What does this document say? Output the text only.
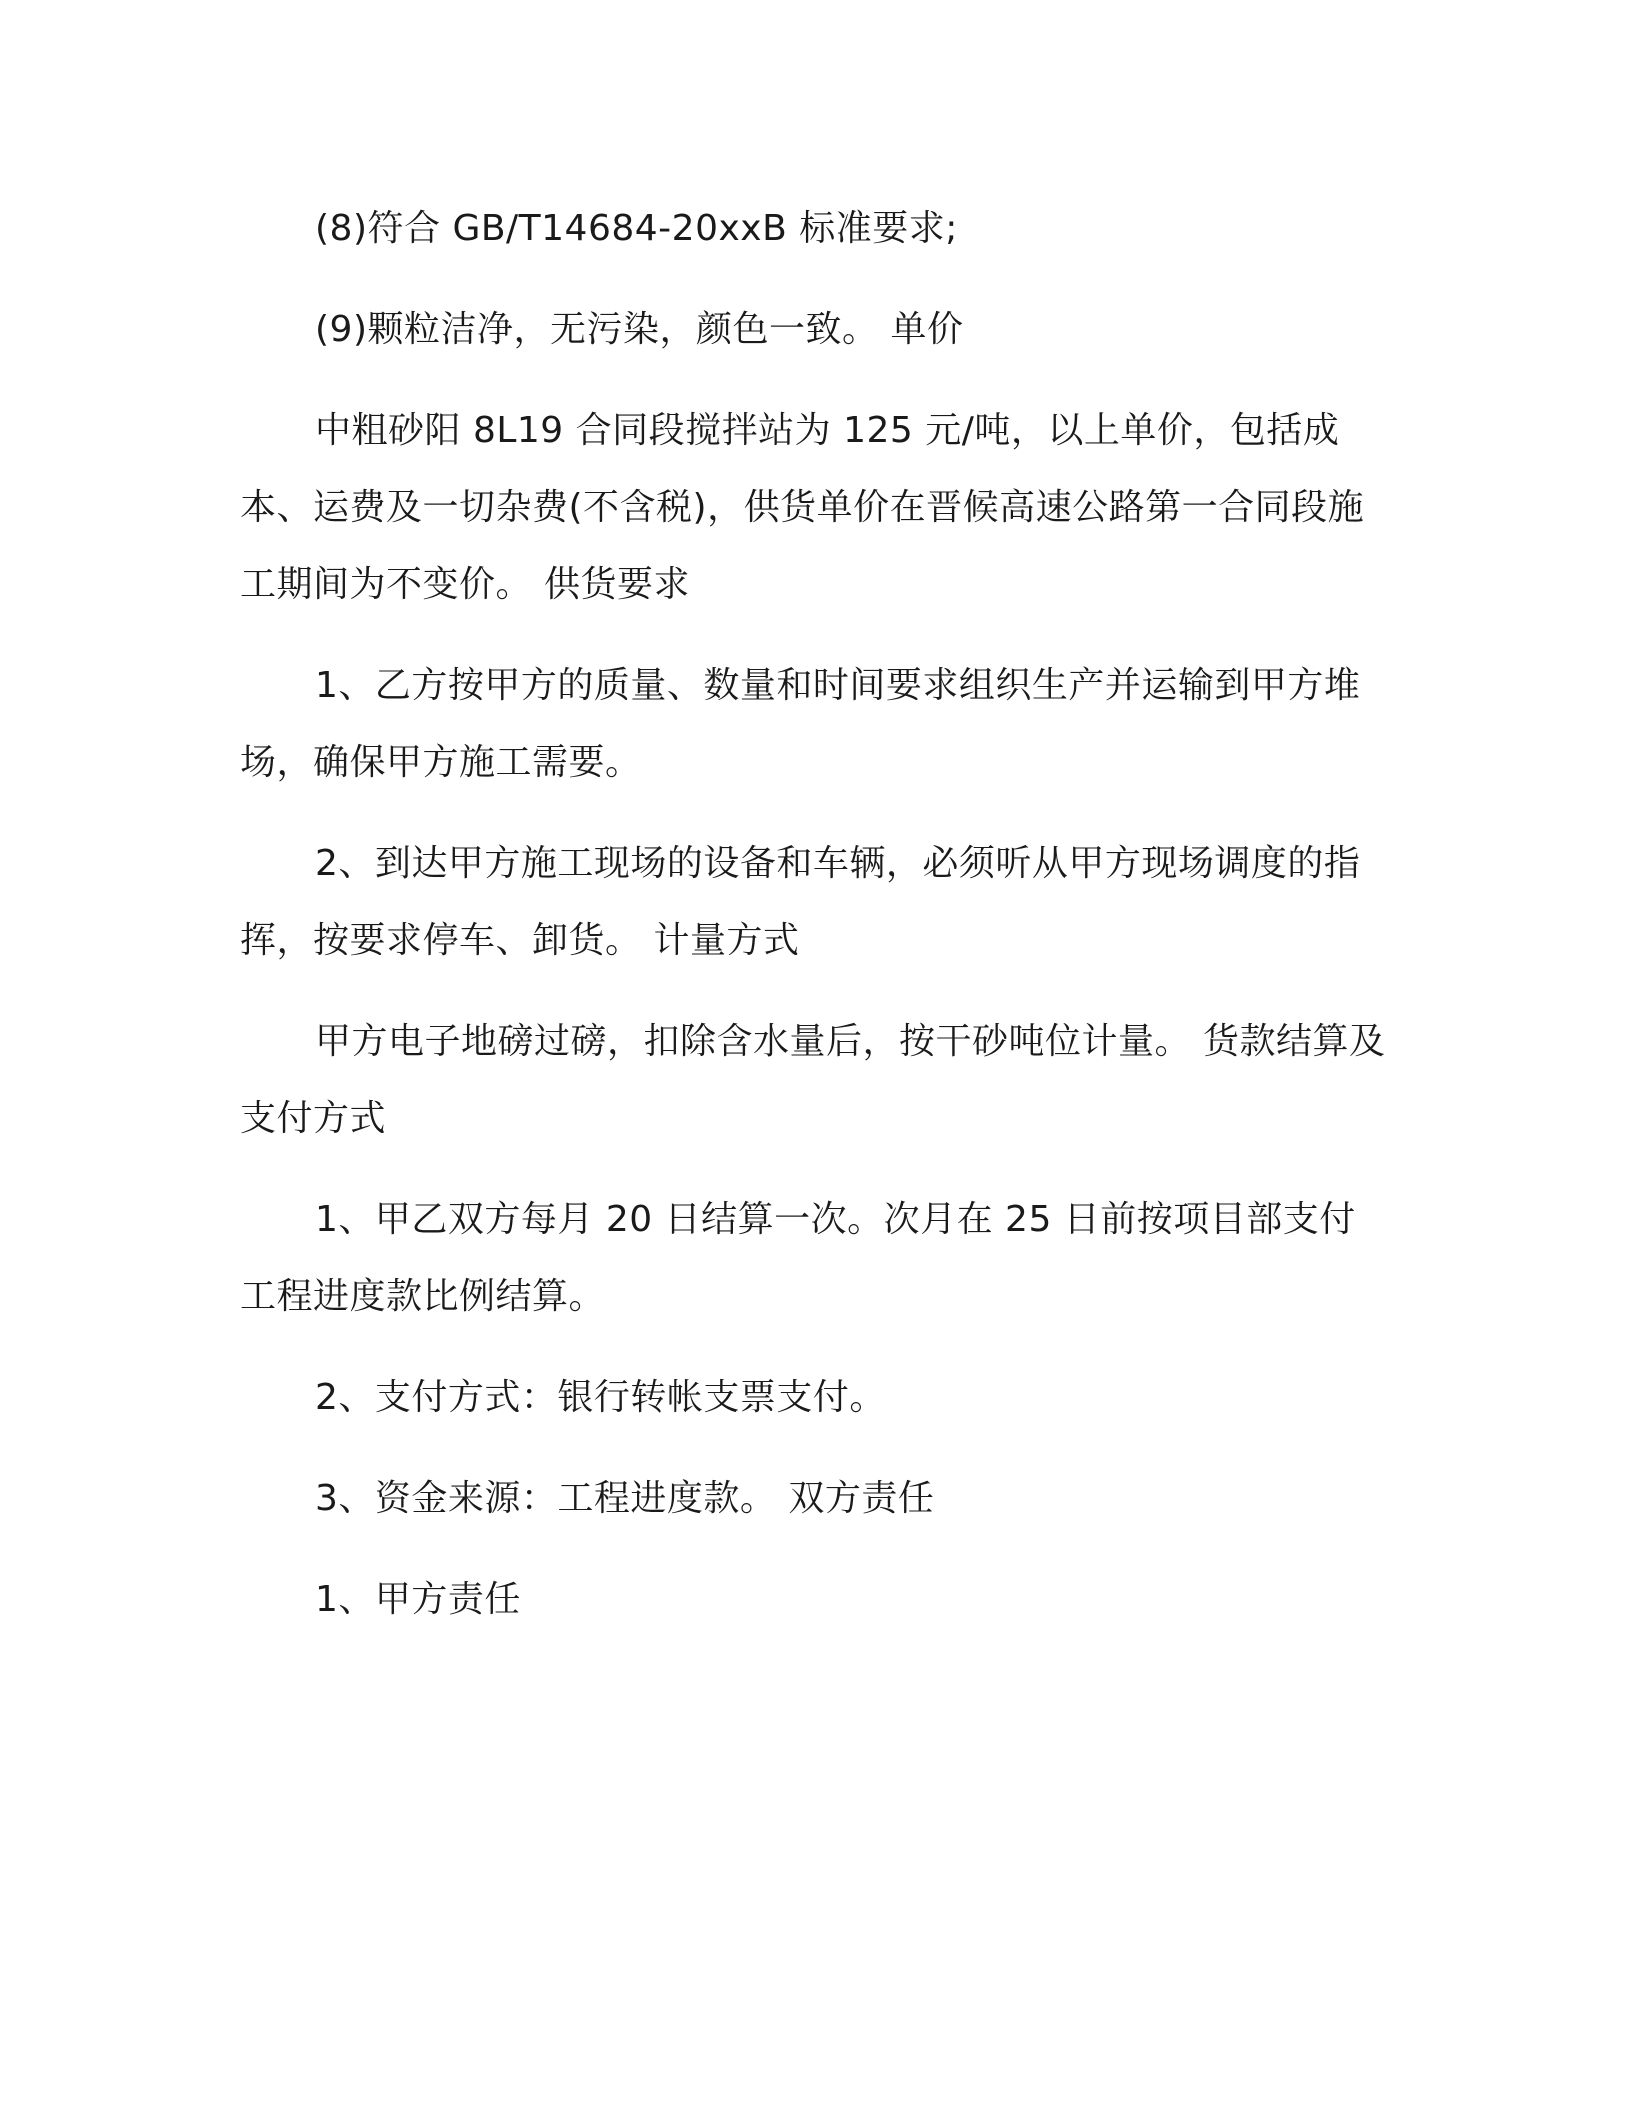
(8)符合 GB/T14684-20xxB 标准要求;

(9)颗粒洁净，无污染，颜色一致。 单价

中粗砂阳 8L19 合同段搅拌站为 125 元/吨，以上单价，包括成本、运费及一切杂费(不含税)，供货单价在晋候高速公路第一合同段施工期间为不变价。 供货要求

1、乙方按甲方的质量、数量和时间要求组织生产并运输到甲方堆场，确保甲方施工需要。

2、到达甲方施工现场的设备和车辆，必须听从甲方现场调度的指挥，按要求停车、卸货。 计量方式

甲方电子地磅过磅，扣除含水量后，按干砂吨位计量。 货款结算及支付方式

1、甲乙双方每月 20 日结算一次。次月在 25 日前按项目部支付工程进度款比例结算。

2、支付方式：银行转帐支票支付。

3、资金来源：工程进度款。 双方责任

1、甲方责任
